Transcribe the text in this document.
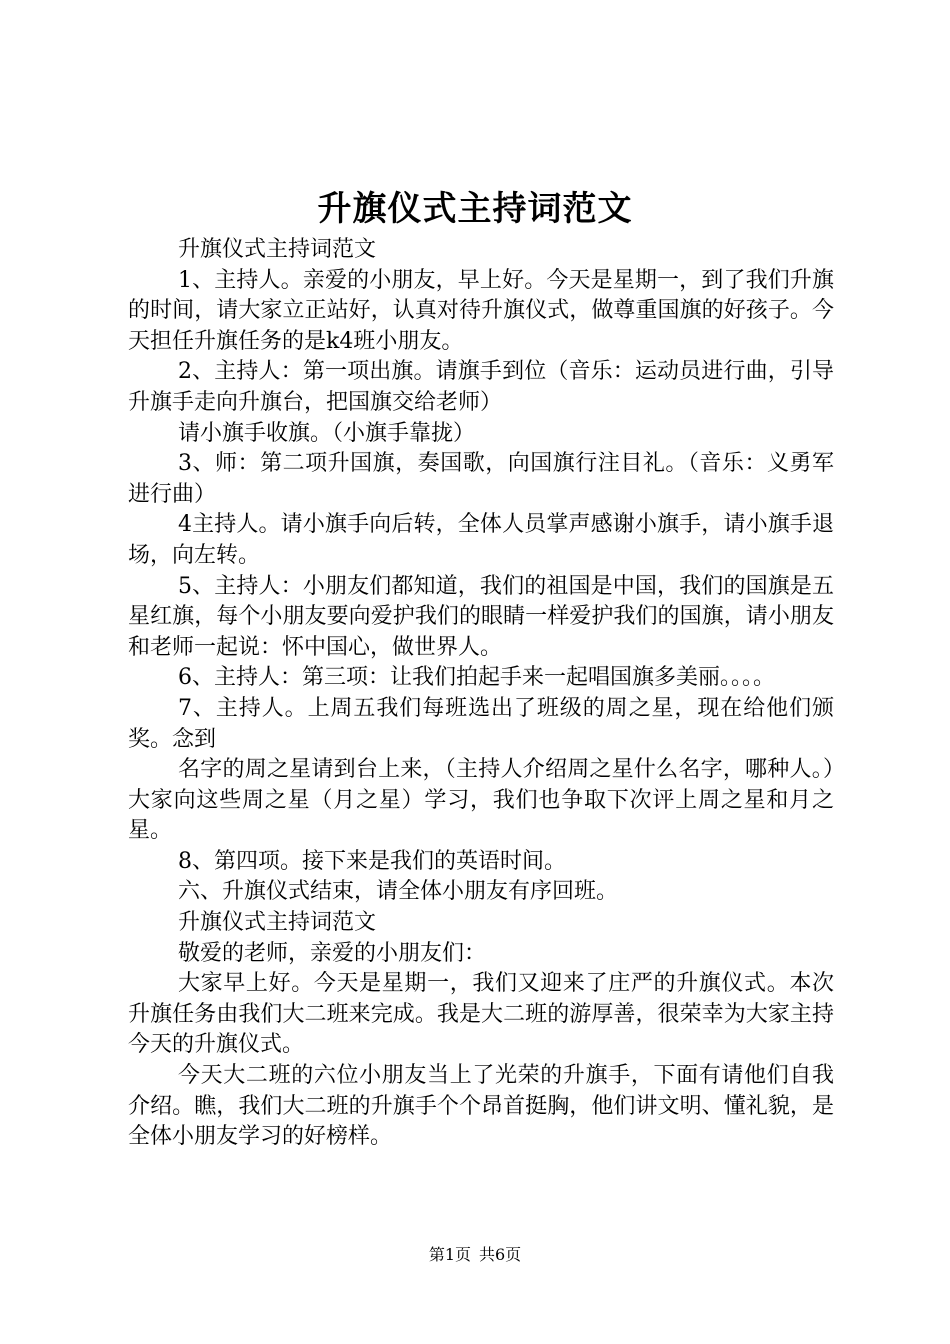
升旗仪式主持词范文

升旗仪式主持词范文

1、主持人。亲爱的小朋友，早上好。今天是星期一，到了我们升旗的时间，请大家立正站好，认真对待升旗仪式，做尊重国旗的好孩子。今天担任升旗任务的是k4班小朋友。

2、主持人：第一项出旗。请旗手到位（音乐：运动员进行曲，引导升旗手走向升旗台，把国旗交给老师）

请小旗手收旗。（小旗手靠拢）

3、师：第二项升国旗，奏国歌，向国旗行注目礼。（音乐：义勇军进行曲）

4主持人。请小旗手向后转，全体人员掌声感谢小旗手，请小旗手退场，向左转。

5、主持人：小朋友们都知道，我们的祖国是中国，我们的国旗是五星红旗，每个小朋友要向爱护我们的眼睛一样爱护我们的国旗，请小朋友和老师一起说：怀中国心，做世界人。

6、主持人：第三项：让我们拍起手来一起唱国旗多美丽。。。。

7、主持人。上周五我们每班选出了班级的周之星，现在给他们颁奖。念到

名字的周之星请到台上来，（主持人介绍周之星什么名字，哪种人。）大家向这些周之星（月之星）学习，我们也争取下次评上周之星和月之星。

8、第四项。接下来是我们的英语时间。

六、升旗仪式结束，请全体小朋友有序回班。

升旗仪式主持词范文

敬爱的老师，亲爱的小朋友们：

大家早上好。今天是星期一，我们又迎来了庄严的升旗仪式。本次升旗任务由我们大二班来完成。我是大二班的游厚善，很荣幸为大家主持今天的升旗仪式。

今天大二班的六位小朋友当上了光荣的升旗手，下面有请他们自我介绍。瞧，我们大二班的升旗手个个昂首挺胸，他们讲文明、懂礼貌，是全体小朋友学习的好榜样。

第1页 共6页
